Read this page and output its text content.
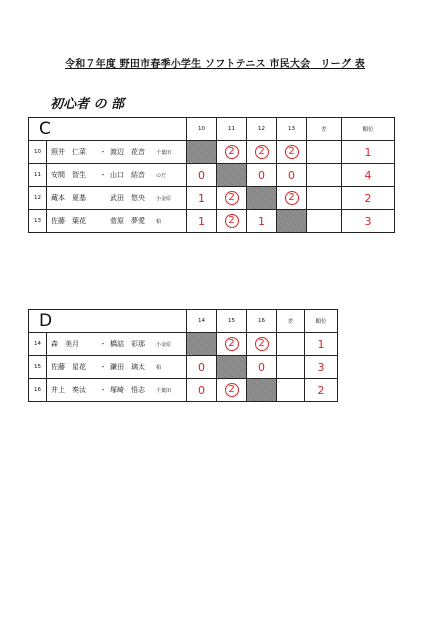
令和７年度 野田市春季小学生 ソフトテニス 市民大会　リーグ 表
初心者 の 部
C		10	11	12	13	差	順位
10	照井　仁菜 ・ 渡辺　花音 千葉田		2	2	2		1
11	安間　智生 ・ 山口　結音 のだ	0		0	0		4
12	蔵本　夏基 武田　悠央 小金原	1	2		2		2
13	佐藤　葉花 菅原　夢愛 柏	1	2	1			3
D		14	15	16	差	順位
14	森　美月 ・ 橋詰　彩那 小金原		2	2		1
15	佐藤　星花 ・ 鎌田　璃太 柏	0		0		3
16	井上　奏汰 ・ 塚崎　悟志 千葉田	0	2			2
